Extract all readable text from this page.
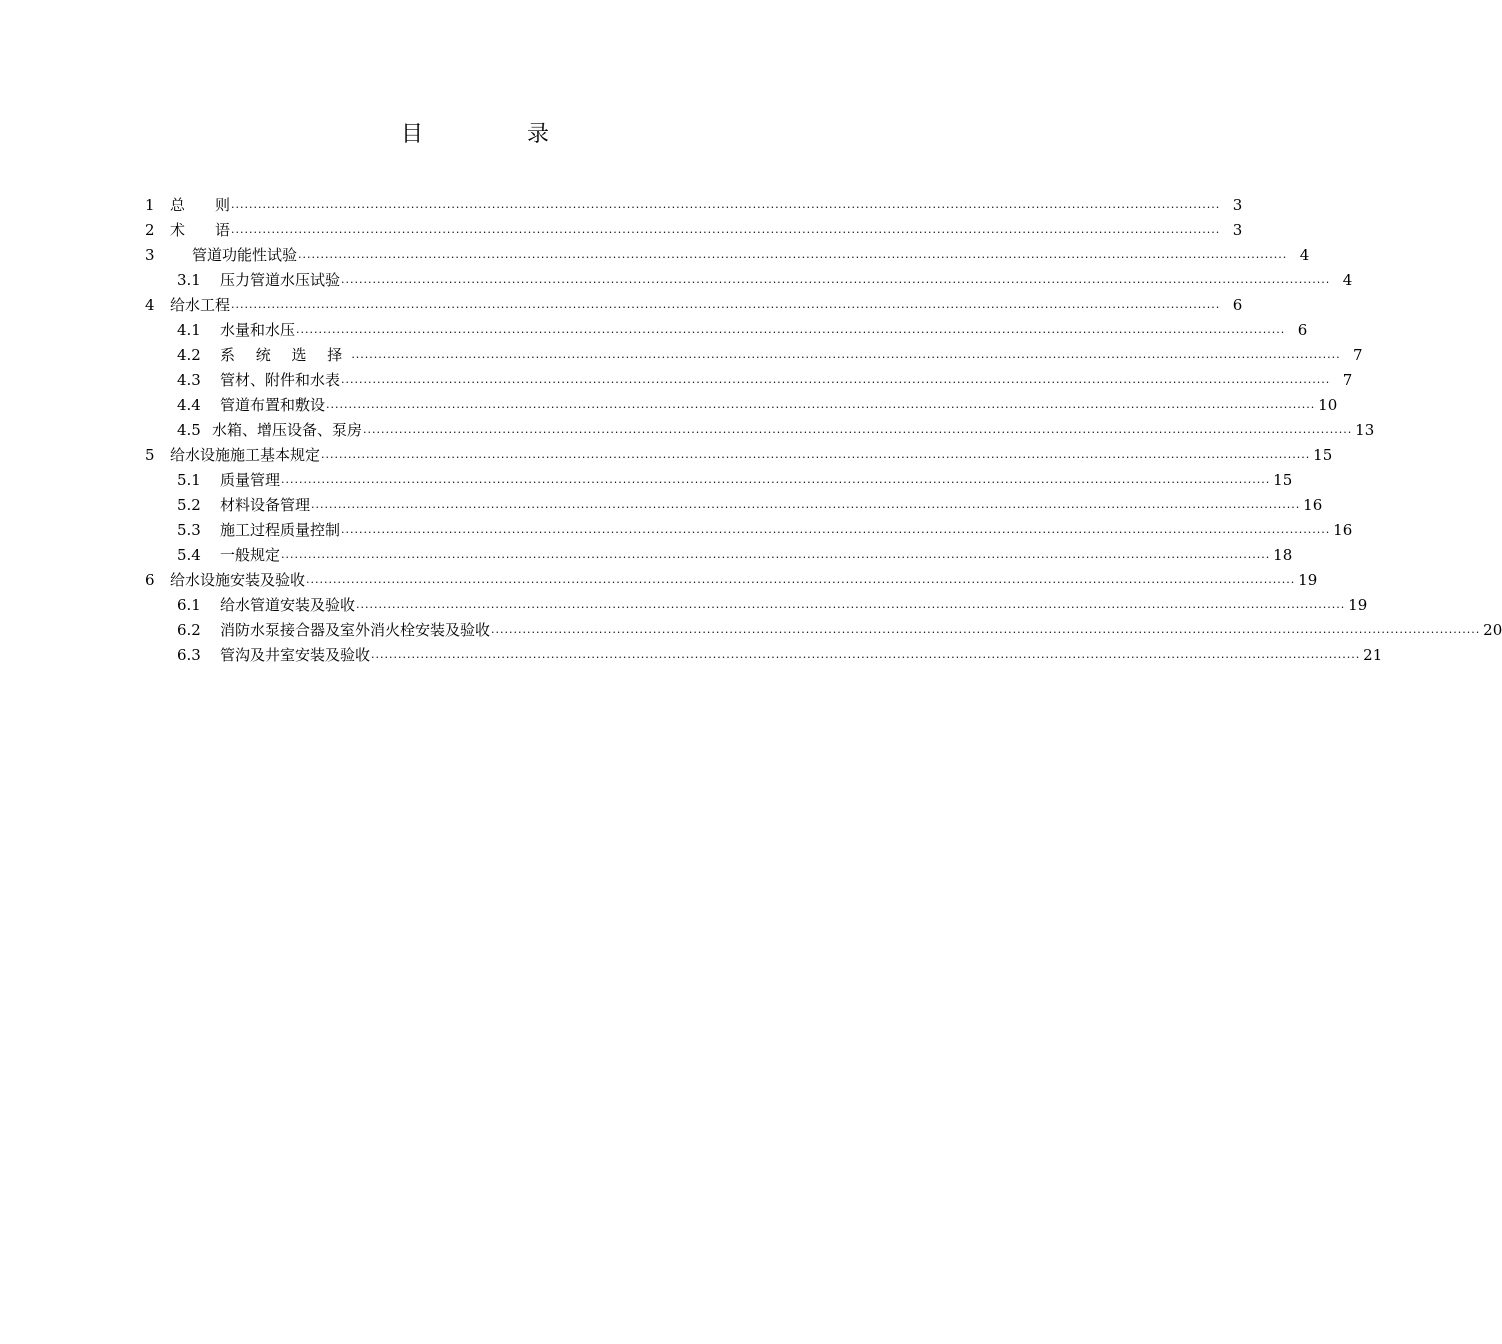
目	录
1	总　　则 ............................................................................................................................................................................................................................ 3
2	术　　语 ............................................................................................................................................................................................................................ 3
3	管道功能性试验 ............................................................................................................................................................................................................................ 4
3.1	压力管道水压试验 ............................................................................................................................................................................................................................ 4
4	给水工程 ............................................................................................................................................................................................................................ 6
4.1	水量和水压 ............................................................................................................................................................................................................................ 6
4.2	系 统 选 择 ............................................................................................................................................................................................................................ 7
4.3	管材、附件和水表 ............................................................................................................................................................................................................................ 7
4.4	管道布置和敷设 ............................................................................................................................................................................................................................ 10
4.5 水箱、增压设备、泵房 ............................................................................................................................................................................................................................ 13
5	给水设施施工基本规定 ............................................................................................................................................................................................................................ 15
5.1	质量管理 ............................................................................................................................................................................................................................ 15
5.2	材料设备管理 ............................................................................................................................................................................................................................ 16
5.3	施工过程质量控制 ............................................................................................................................................................................................................................ 16
5.4	一般规定 ............................................................................................................................................................................................................................ 18
6	给水设施安装及验收 ............................................................................................................................................................................................................................ 19
6.1	给水管道安装及验收 ............................................................................................................................................................................................................................ 19
6.2	消防水泵接合器及室外消火栓安装及验收 ............................................................................................................................................................................................................................ 20
6.3	管沟及井室安装及验收 ............................................................................................................................................................................................................................ 21
